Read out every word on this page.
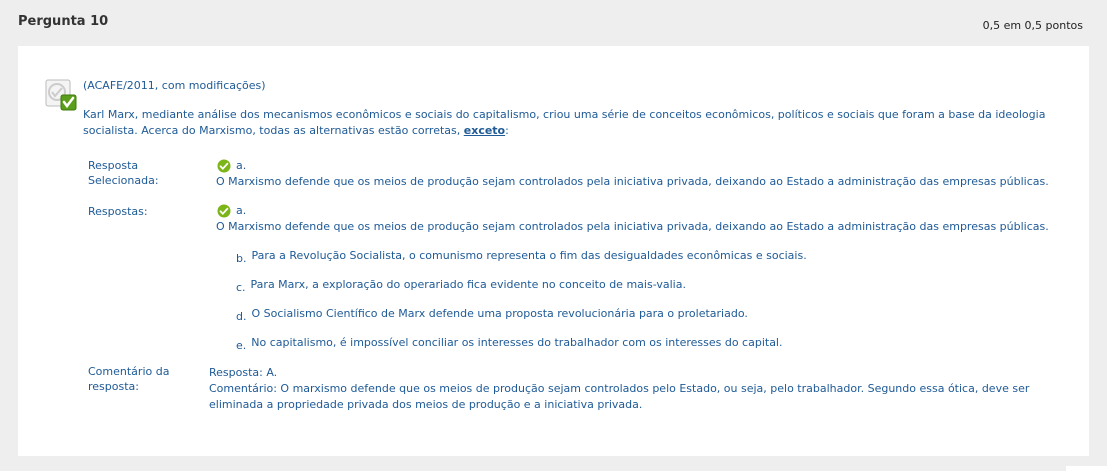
Pergunta 10	0,5 em 0,5 pontos
(ACAFE/2011, com modificações)
Karl Marx, mediante análise dos mecanismos econômicos e sociais do capitalismo, criou uma série de conceitos econômicos, políticos e sociais que foram a base da ideologia socialista. Acerca do Marxismo, todas as alternativas estão corretas, exceto:
Resposta
Selecionada:
a.
O Marxismo defende que os meios de produção sejam controlados pela iniciativa privada, deixando ao Estado a administração das empresas públicas.
Respostas:	a.
O Marxismo defende que os meios de produção sejam controlados pela iniciativa privada, deixando ao Estado a administração das empresas públicas.
b. Para a Revolução Socialista, o comunismo representa o fim das desigualdades econômicas e sociais.
c. Para Marx, a exploração do operariado fica evidente no conceito de mais-valia.
d. O Socialismo Científico de Marx defende uma proposta revolucionária para o proletariado.
e. No capitalismo, é impossível conciliar os interesses do trabalhador com os interesses do capital.
Comentário da
resposta:
Resposta: A.
Comentário: O marxismo defende que os meios de produção sejam controlados pelo Estado, ou seja, pelo trabalhador. Segundo essa ótica, deve ser eliminada a propriedade privada dos meios de produção e a iniciativa privada.
